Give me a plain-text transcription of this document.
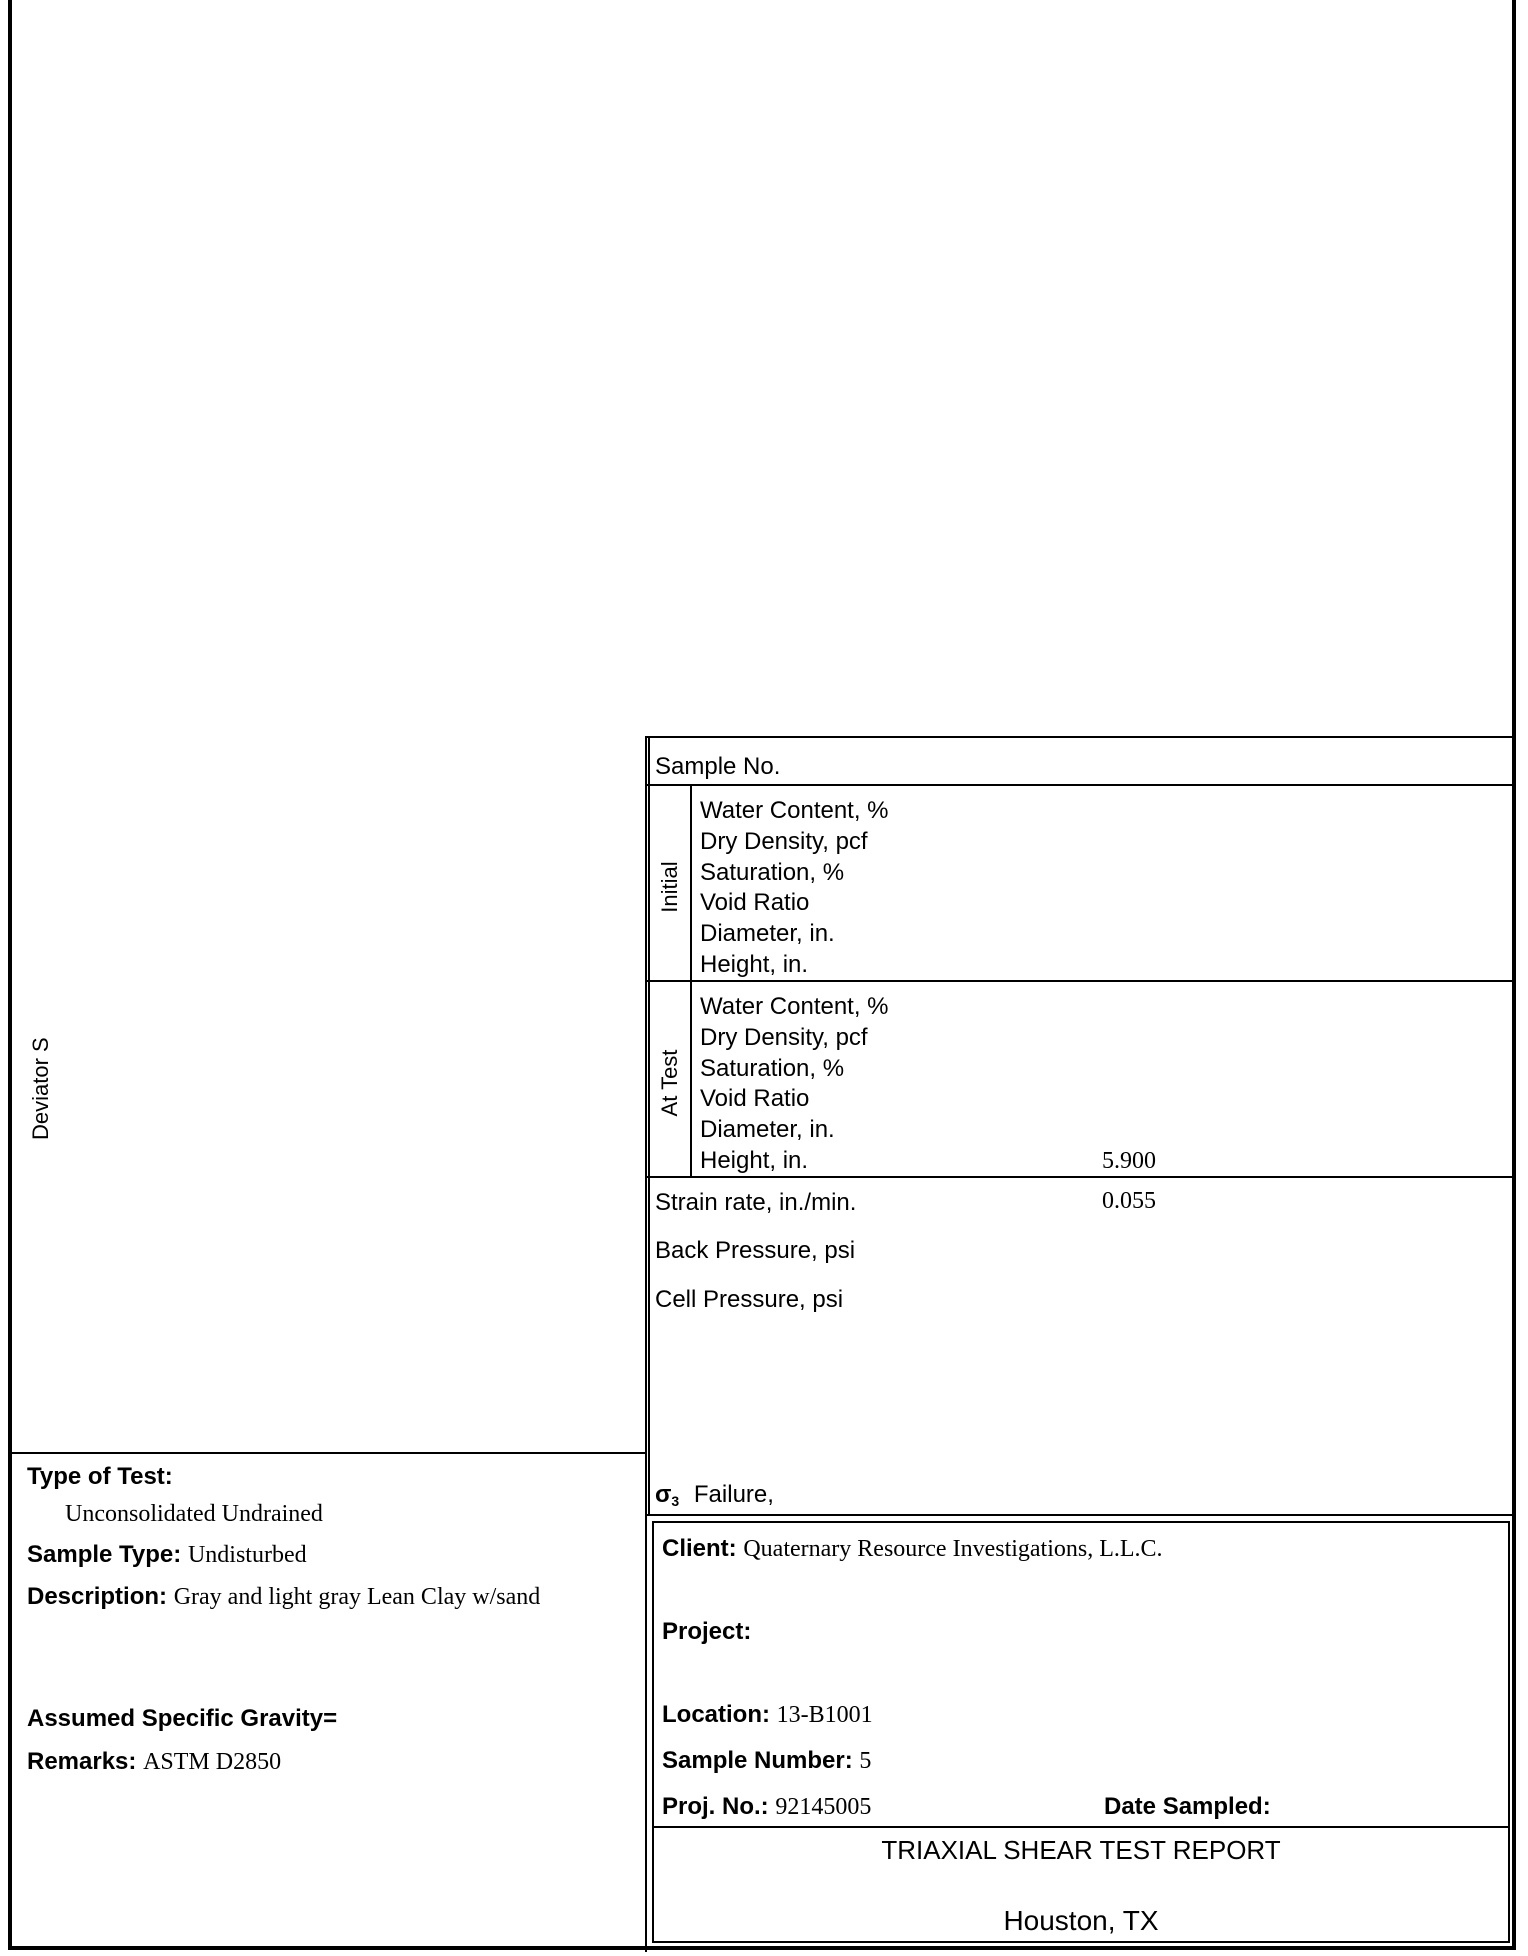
Deviator S
Sample No.
Initial
Water Content, %
Dry Density, pcf
Saturation, %
Void Ratio
Diameter, in.
Height, in.
At Test
Water Content, %
Dry Density, pcf
Saturation, %
Void Ratio
Diameter, in.
Height, in.	5.900
Strain rate, in./min.	0.055
Back Pressure, psi
Cell Pressure, psi
$\sigma_3$ Failure,
Type of Test:
Unconsolidated Undrained
Sample Type: Undisturbed
Description: Gray and light gray Lean Clay w/sand
Assumed Specific Gravity=
Remarks: ASTM D2850
Client: Quaternary Resource Investigations, L.L.C.
Project:
Location: 13-B1001
Sample Number: 5
Proj. No.: 92145005	Date Sampled:
TRIAXIAL SHEAR TEST REPORT
Houston, TX
